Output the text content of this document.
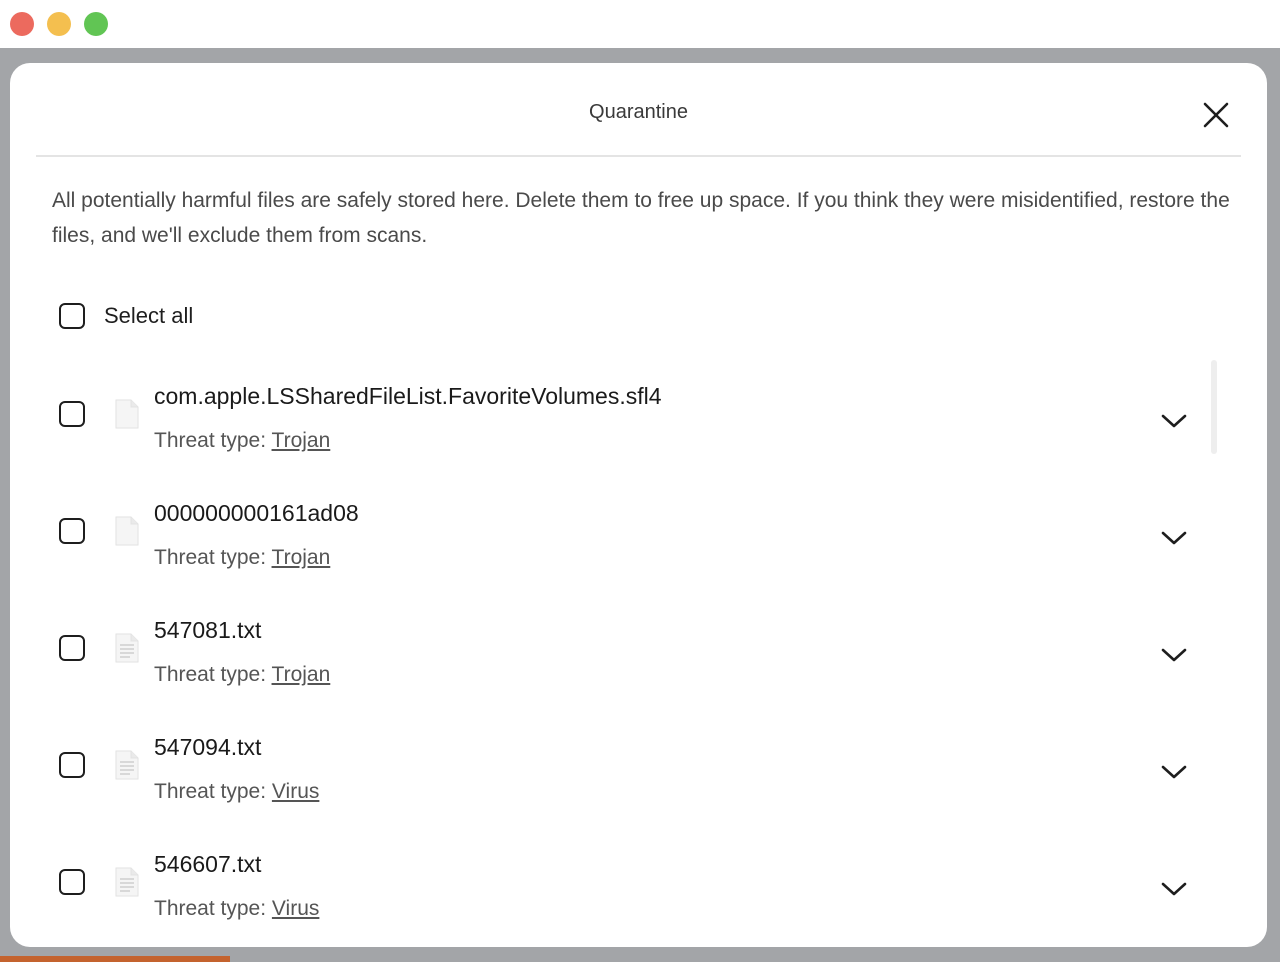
Quarantine
All potentially harmful files are safely stored here. Delete them to free up space. If you think they were misidentified, restore the files, and we'll exclude them from scans.
Select all
com.apple.LSSharedFileList.FavoriteVolumes.sfl4
Threat type: Trojan
000000000161ad08
Threat type: Trojan
547081.txt
Threat type: Trojan
547094.txt
Threat type: Virus
546607.txt
Threat type: Virus
